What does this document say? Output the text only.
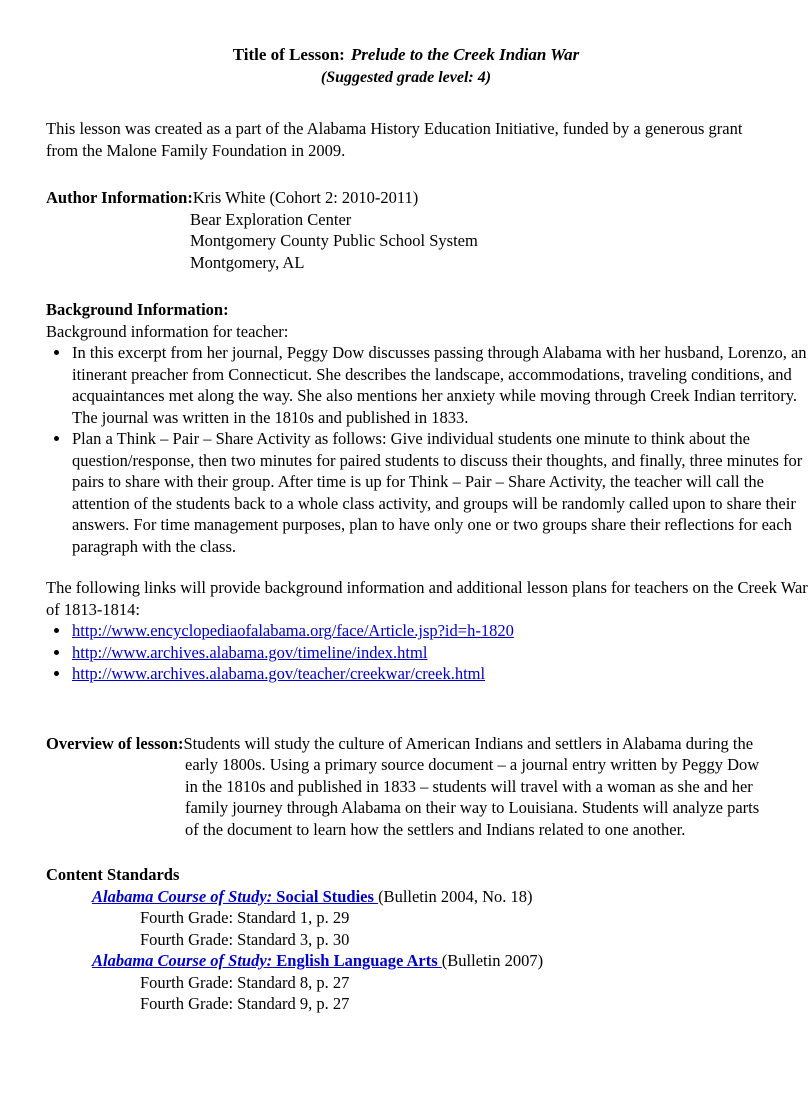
Title of Lesson: Prelude to the Creek Indian War
(Suggested grade level: 4)
This lesson was created as a part of the Alabama History Education Initiative, funded by a generous grant from the Malone Family Foundation in 2009.
Author Information:Kris White (Cohort 2: 2010-2011)
Bear Exploration Center
Montgomery County Public School System
Montgomery, AL
Background Information:
Background information for teacher:
In this excerpt from her journal, Peggy Dow discusses passing through Alabama with her husband, Lorenzo, an itinerant preacher from Connecticut. She describes the landscape, accommodations, traveling conditions, and acquaintances met along the way. She also mentions her anxiety while moving through Creek Indian territory. The journal was written in the 1810s and published in 1833.
Plan a Think – Pair – Share Activity as follows: Give individual students one minute to think about the question/response, then two minutes for paired students to discuss their thoughts, and finally, three minutes for pairs to share with their group. After time is up for Think – Pair – Share Activity, the teacher will call the attention of the students back to a whole class activity, and groups will be randomly called upon to share their answers. For time management purposes, plan to have only one or two groups share their reflections for each paragraph with the class.
The following links will provide background information and additional lesson plans for teachers on the Creek War of 1813-1814:
http://www.encyclopediaofalabama.org/face/Article.jsp?id=h-1820
http://www.archives.alabama.gov/timeline/index.html
http://www.archives.alabama.gov/teacher/creekwar/creek.html
Overview of lesson:Students will study the culture of American Indians and settlers in Alabama during the early 1800s. Using a primary source document – a journal entry written by Peggy Dow in the 1810s and published in 1833 – students will travel with a woman as she and her family journey through Alabama on their way to Louisiana. Students will analyze parts of the document to learn how the settlers and Indians related to one another.
Content Standards
Alabama Course of Study: Social Studies (Bulletin 2004, No. 18)
Fourth Grade: Standard 1, p. 29
Fourth Grade: Standard 3, p. 30
Alabama Course of Study: English Language Arts (Bulletin 2007)
Fourth Grade: Standard 8, p. 27
Fourth Grade: Standard 9, p. 27
